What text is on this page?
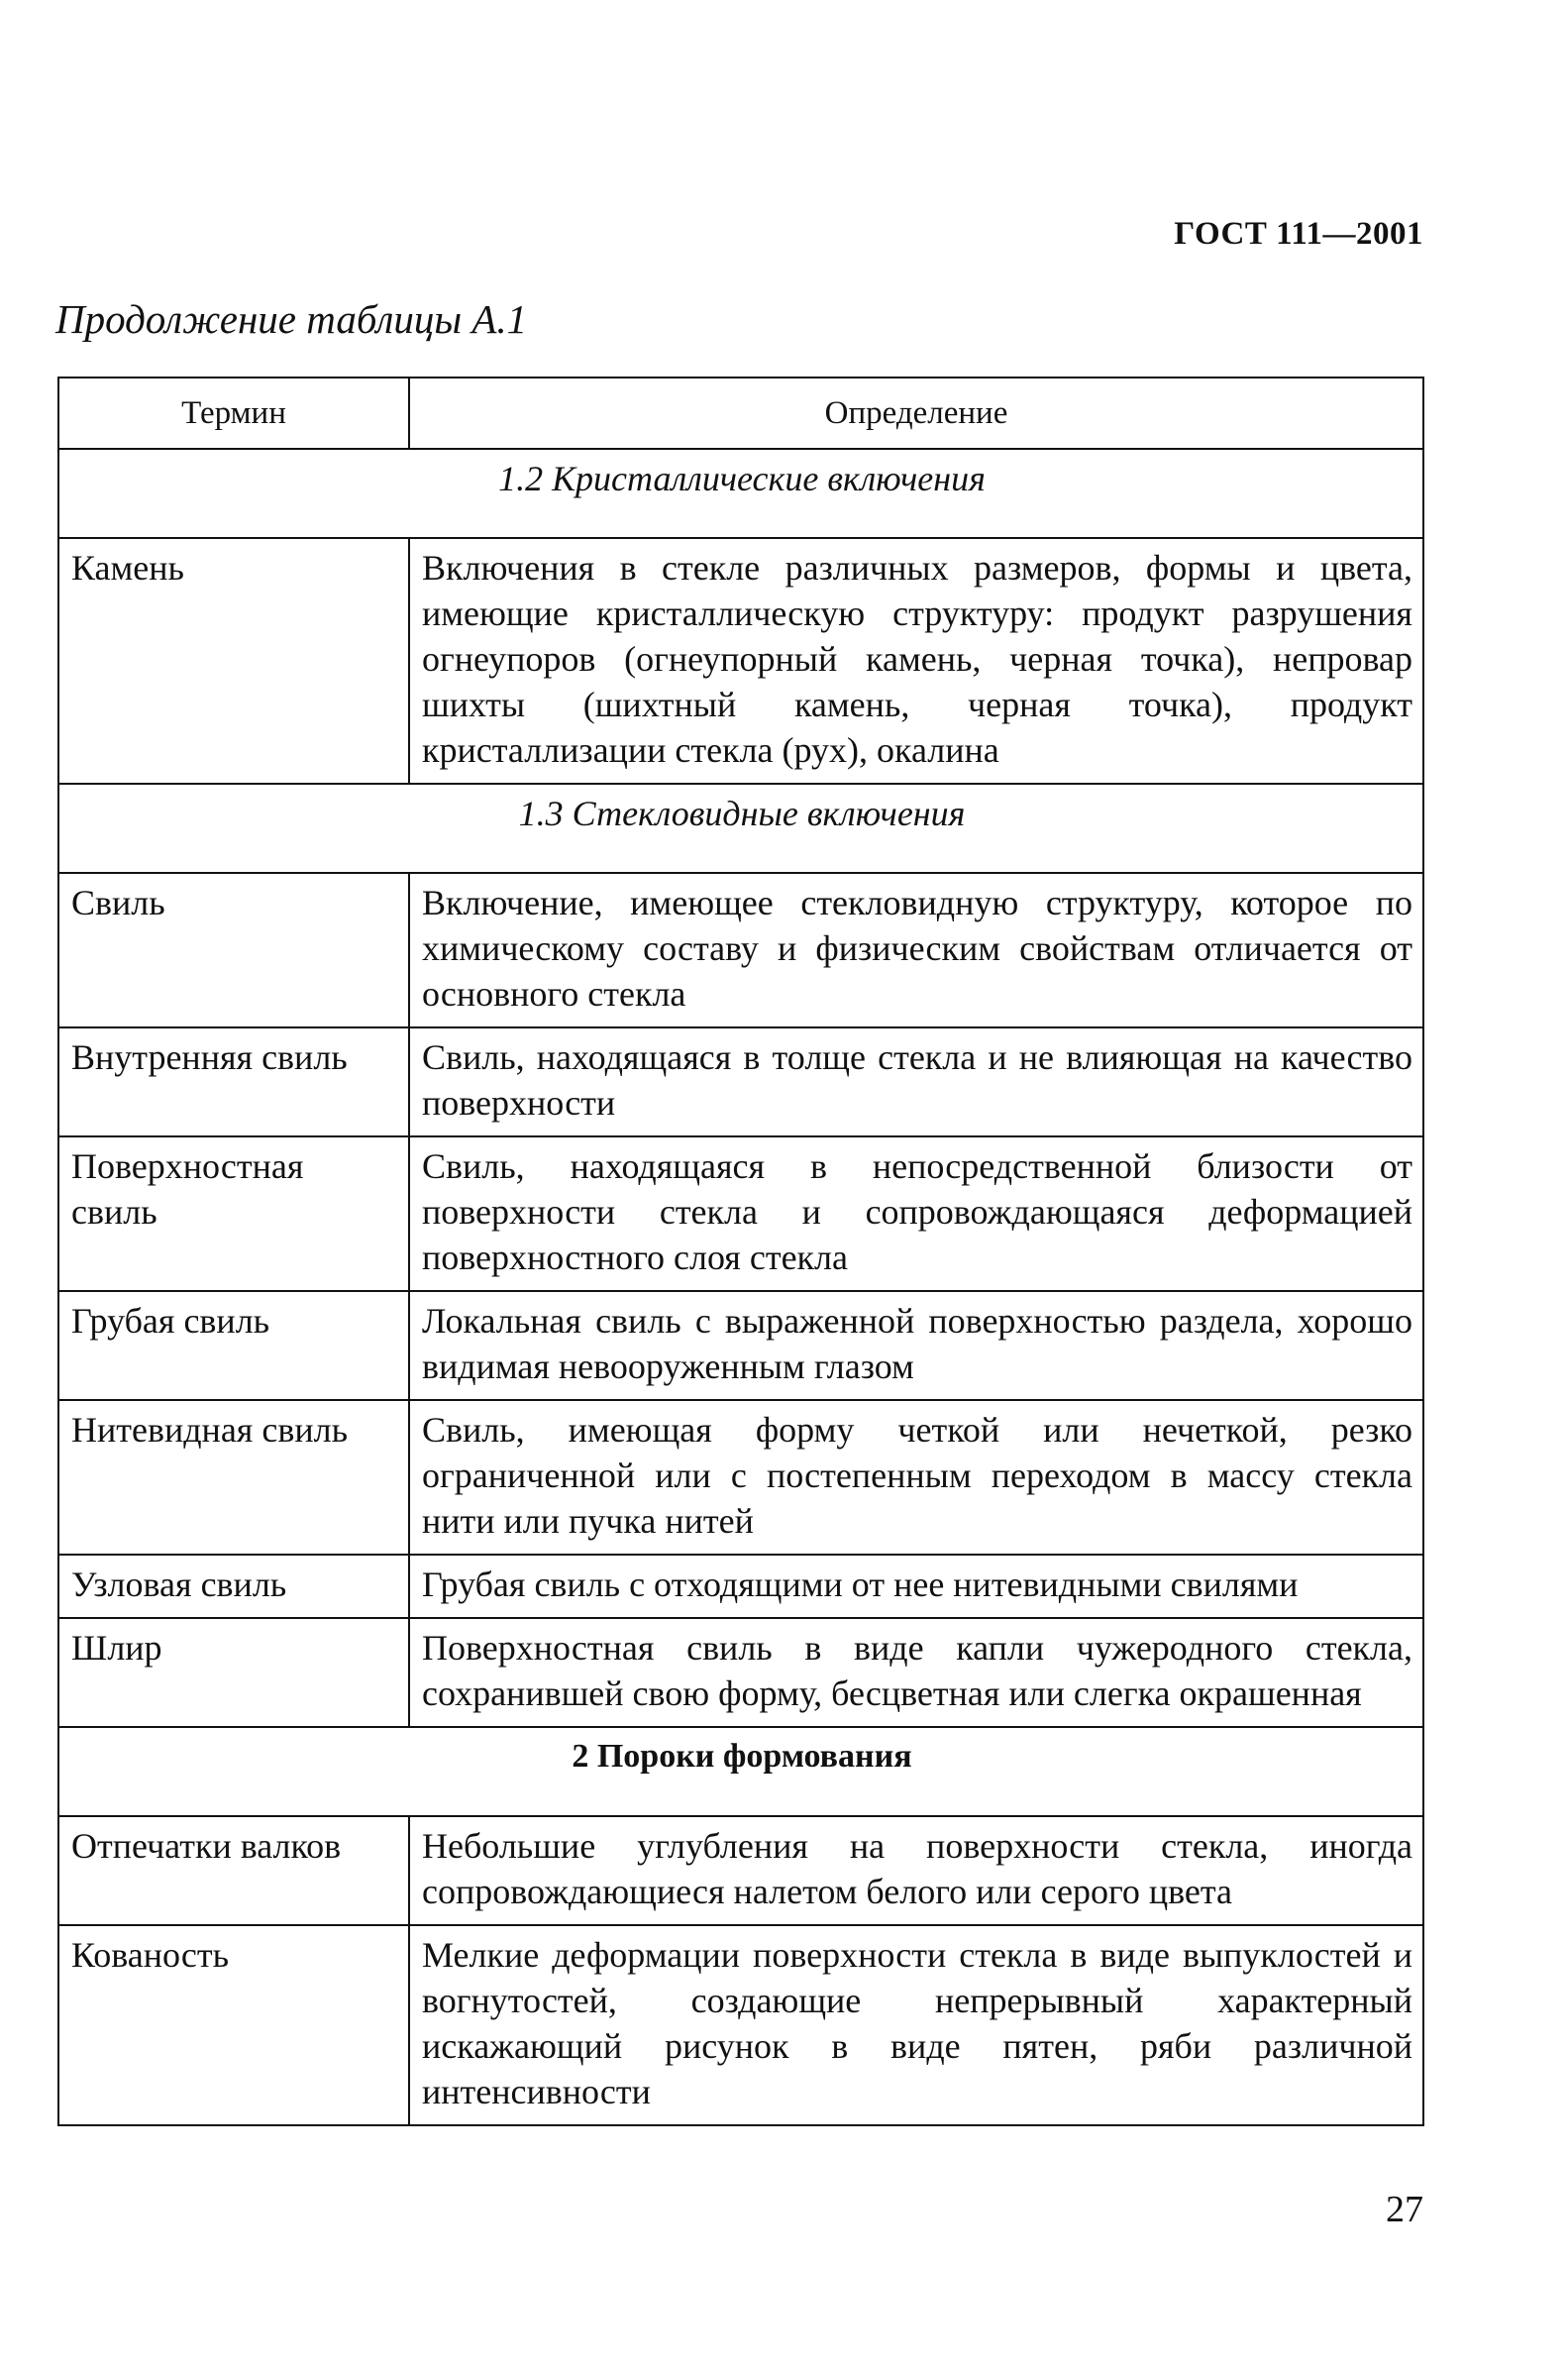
ГОСТ 111—2001
Продолжение таблицы А.1
Термин	Определение
1.2 Кристаллические включения	
Камень	Включения в стекле различных размеров, формы и цвета, имеющие кристаллическую структуру: продукт разрушения огнеупоров (огнеупорный камень, черная точка), непровар шихты (шихтный камень, черная точка), продукт кристаллизации стекла (рух), окалина
1.3 Стекловидные включения	
Свиль	Включение, имеющее стекловидную структуру, которое по химическому составу и физическим свойствам отличается от основного стекла
Внутренняя свиль	Свиль, находящаяся в толще стекла и не влияющая на качество поверхности
Поверхностная свиль	Свиль, находящаяся в непосредственной близости от поверхности стекла и сопровождающаяся деформацией поверхностного слоя стекла
Грубая свиль	Локальная свиль с выраженной поверхностью раздела, хорошо видимая невооруженным глазом
Нитевидная свиль	Свиль, имеющая форму четкой или нечеткой, резко ограниченной или с постепенным переходом в массу стекла нити или пучка нитей
Узловая свиль	Грубая свиль с отходящими от нее нитевидными свилями
Шлир	Поверхностная свиль в виде капли чужеродного стекла, сохранившей свою форму, бесцветная или слегка окрашенная
2 Пороки формования	
Отпечатки валков	Небольшие углубления на поверхности стекла, иногда сопровождающиеся налетом белого или серого цвета
Кованость	Мелкие деформации поверхности стекла в виде выпуклостей и вогнутостей, создающие непрерывный характерный искажающий рисунок в виде пятен, ряби различной интенсивности
27
